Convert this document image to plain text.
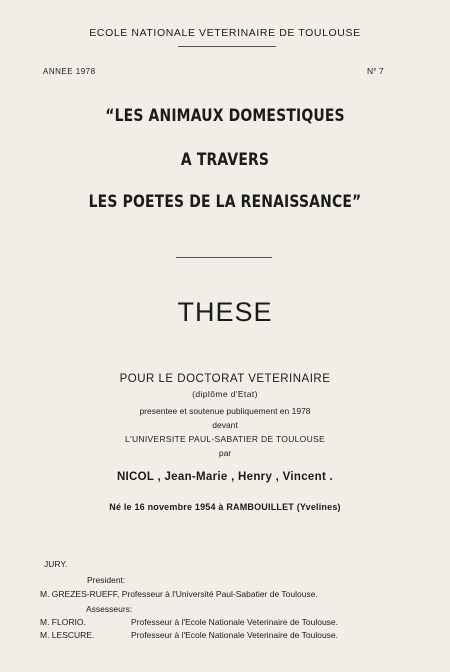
ECOLE NATIONALE VETERINAIRE DE TOULOUSE
ANNEE 1978	N° 7
“LES ANIMAUX DOMESTIQUES
A TRAVERS
LES POETES DE LA RENAISSANCE”
THESE
POUR LE DOCTORAT VETERINAIRE
(diplôme d'Etat)
presentee et soutenue publiquement en 1978
devant
L'UNIVERSITE PAUL-SABATIER DE TOULOUSE
par
NICOL , Jean-Marie , Henry , Vincent .
Né le 16 novembre 1954 à RAMBOUILLET (Yvelines)
JURY.
President:
M. GREZES-RUEFF, Professeur à l'Université Paul-Sabatier de Toulouse.
Assesseurs:
M. FLORIO.	Professeur à l'Ecole Nationale Veterinaire de Toulouse.
M. LESCURE.	Professeur à l'Ecole Nationale Veterinaire de Toulouse.
